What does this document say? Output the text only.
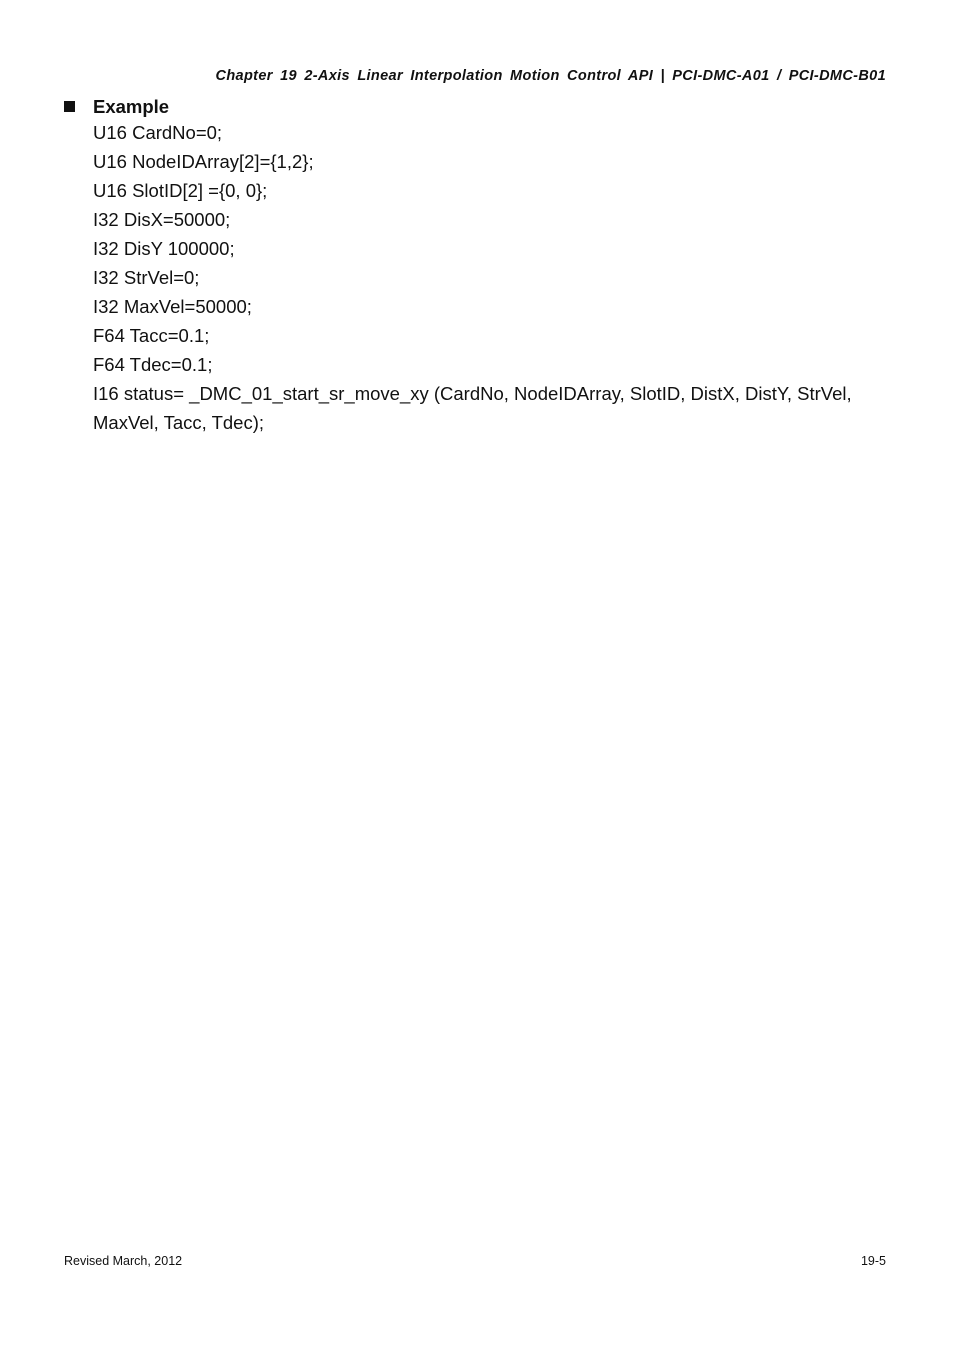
Chapter 19 2-Axis Linear Interpolation Motion Control API | PCI-DMC-A01 / PCI-DMC-B01
Example
U16 CardNo=0;
U16 NodeIDArray[2]={1,2};
U16 SlotID[2] ={0, 0};
I32 DisX=50000;
I32 DisY 100000;
I32 StrVel=0;
I32 MaxVel=50000;
F64 Tacc=0.1;
F64 Tdec=0.1;
I16 status= _DMC_01_start_sr_move_xy (CardNo, NodeIDArray, SlotID, DistX, DistY, StrVel, MaxVel, Tacc, Tdec);
Revised March, 2012	19-5
